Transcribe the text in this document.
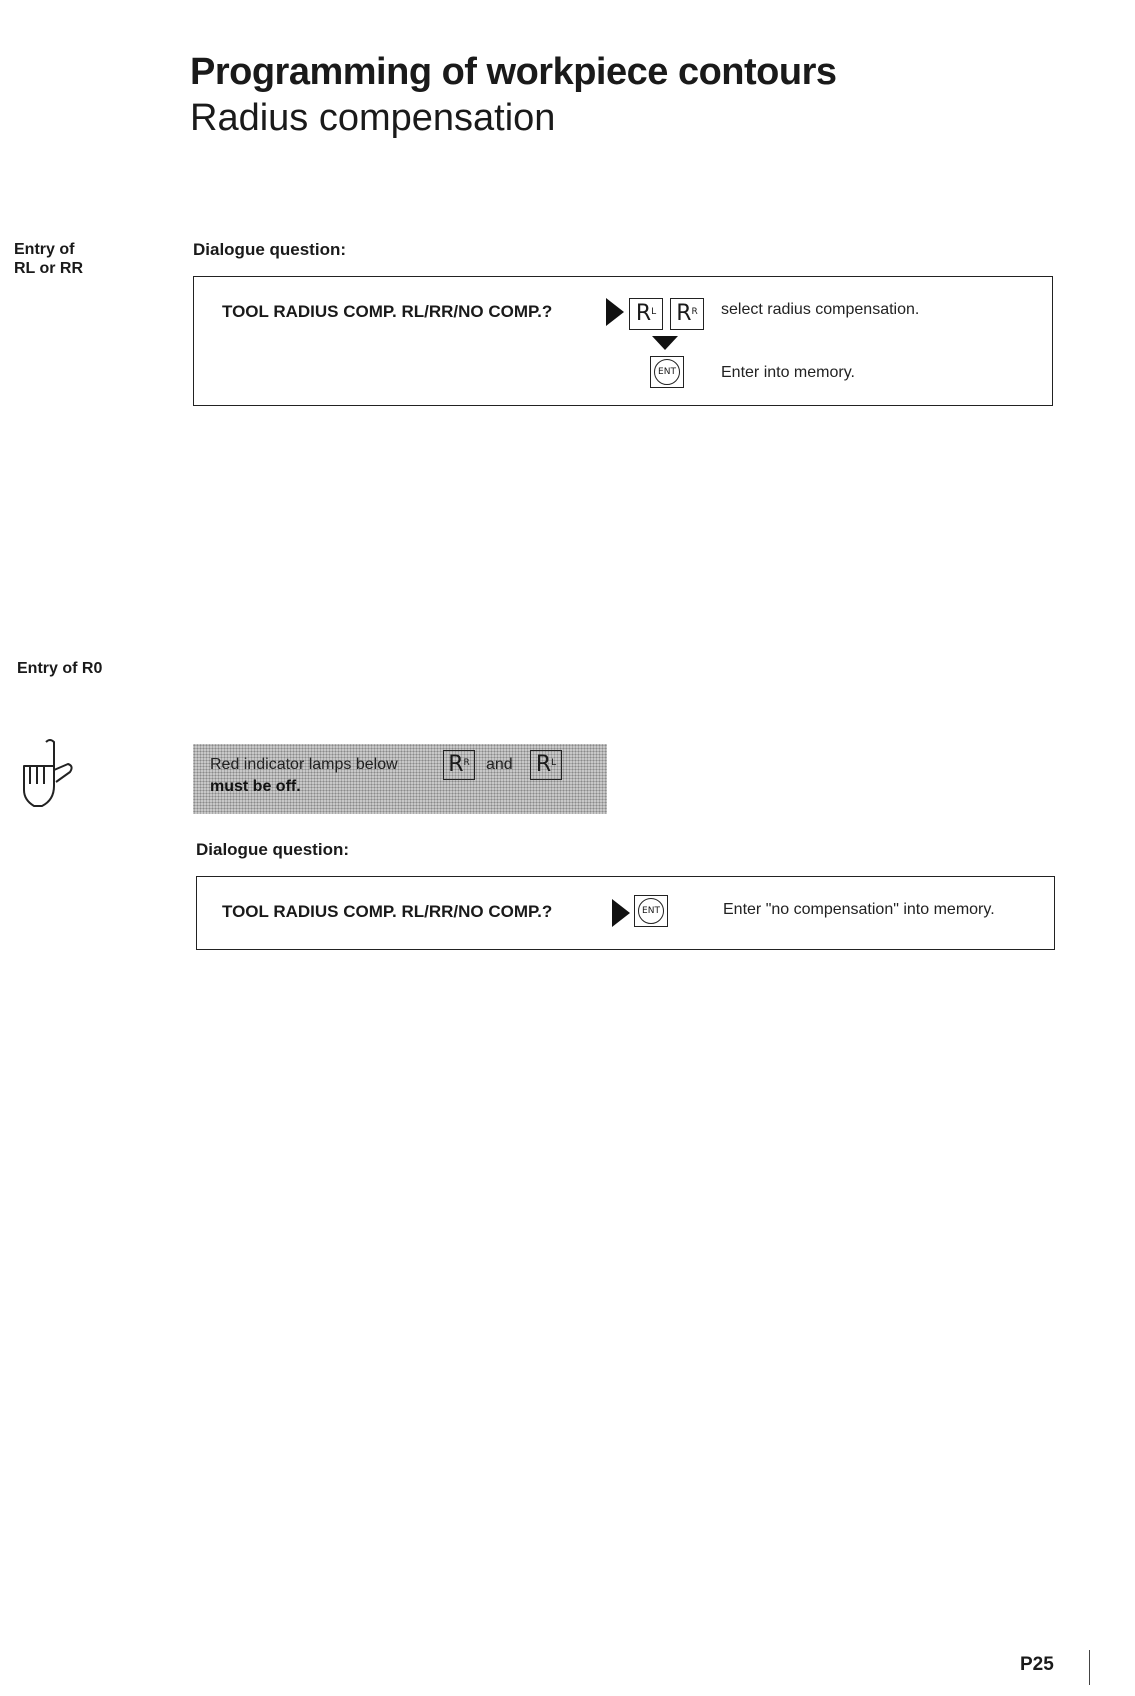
Programming of workpiece contours
Radius compensation
Entry of
RL or RR
Dialogue question:
TOOL RADIUS COMP. RL/RR/NO COMP.?	R L R R select radius compensation.
ENT	Enter into memory.
Entry of R0
Red indicator lamps below R R and R L
must be off.
Dialogue question:
TOOL RADIUS COMP. RL/RR/NO COMP.?	ENT	Enter "no compensation" into memory.
P25
